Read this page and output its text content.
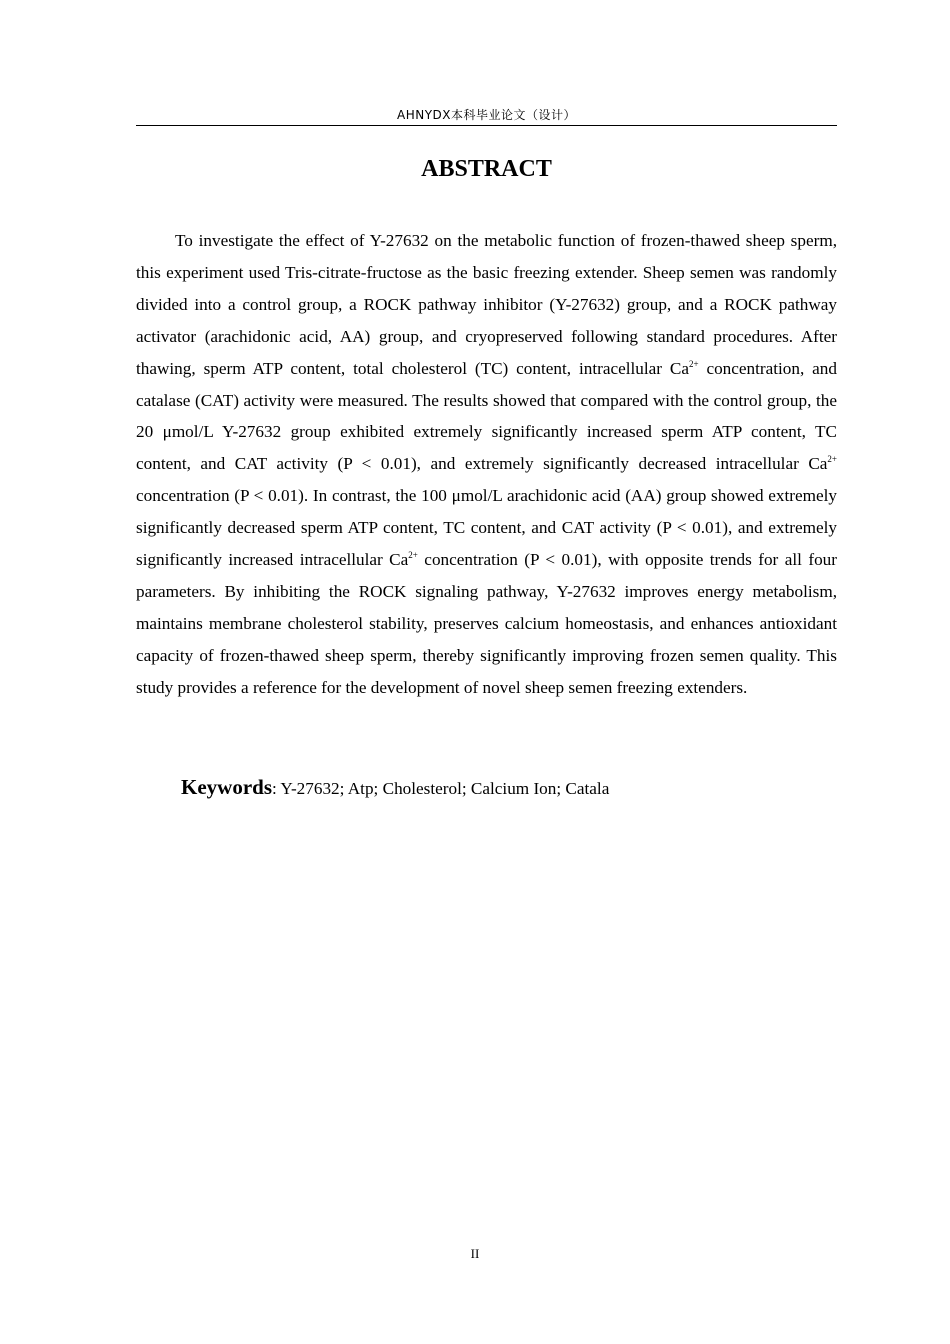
AHNYDX本科毕业论文（设计）
ABSTRACT

To investigate the effect of Y-27632 on the metabolic function of frozen-thawed sheep sperm, this experiment used Tris-citrate-fructose as the basic freezing extender. Sheep semen was randomly divided into a control group, a ROCK pathway inhibitor (Y-27632) group, and a ROCK pathway activator (arachidonic acid, AA) group, and cryopreserved following standard procedures. After thawing, sperm ATP content, total cholesterol (TC) content, intracellular $Ca^{2+}$ concentration, and catalase (CAT) activity were measured. The results showed that compared with the control group, the 20 μmol/L Y-27632 group exhibited extremely significantly increased sperm ATP content, TC content, and CAT activity (P < 0.01), and extremely significantly decreased intracellular $Ca^{2+}$ concentration (P < 0.01). In contrast, the 100 μmol/L arachidonic acid (AA) group showed extremely significantly decreased sperm ATP content, TC content, and CAT activity (P < 0.01), and extremely significantly increased intracellular $Ca^{2+}$ concentration (P < 0.01), with opposite trends for all four parameters. By inhibiting the ROCK signaling pathway, Y-27632 improves energy metabolism, maintains membrane cholesterol stability, preserves calcium homeostasis, and enhances antioxidant capacity of frozen-thawed sheep sperm, thereby significantly improving frozen semen quality. This study provides a reference for the development of novel sheep semen freezing extenders.

Keywords: Y-27632; Atp; Cholesterol; Calcium Ion; Catala
II
